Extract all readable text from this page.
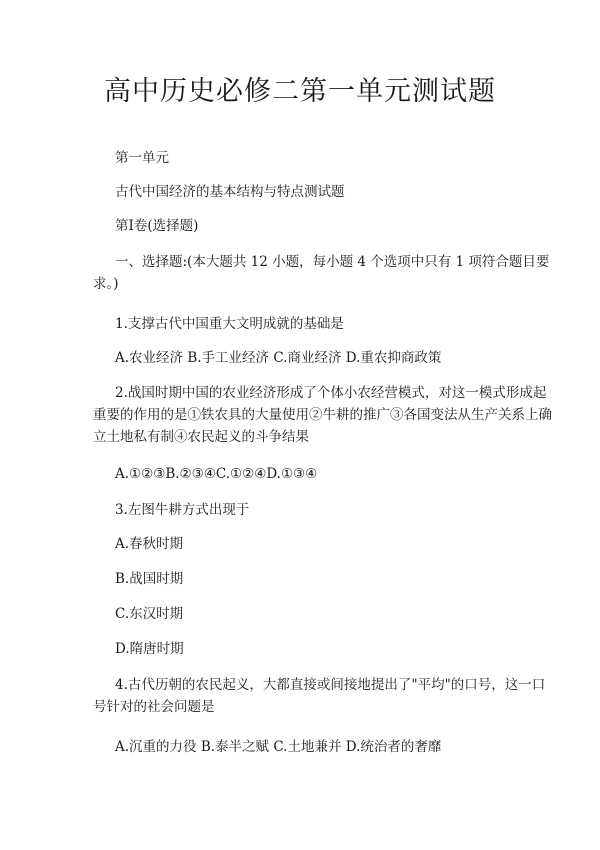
高中历史必修二第一单元测试题

第一单元

古代中国经济的基本结构与特点测试题

第Ⅰ卷(选择题)

一、选择题:(本大题共 12 小题，每小题 4 个选项中只有 1 项符合题目要
求。)

1.支撑古代中国重大文明成就的基础是

A.农业经济 B.手工业经济 C.商业经济 D.重农抑商政策

2.战国时期中国的农业经济形成了个体小农经营模式，对这一模式形成起
重要的作用的是①铁农具的大量使用②牛耕的推广③各国变法从生产关系上确
立土地私有制④农民起义的斗争结果

A.①②③B.②③④C.①②④D.①③④

3.左图牛耕方式出现于

A.春秋时期

B.战国时期

C.东汉时期

D.隋唐时期

4.古代历朝的农民起义，大都直接或间接地提出了"平均"的口号，这一口
号针对的社会问题是

A.沉重的力役 B.泰半之赋 C.土地兼并 D.统治者的奢靡
